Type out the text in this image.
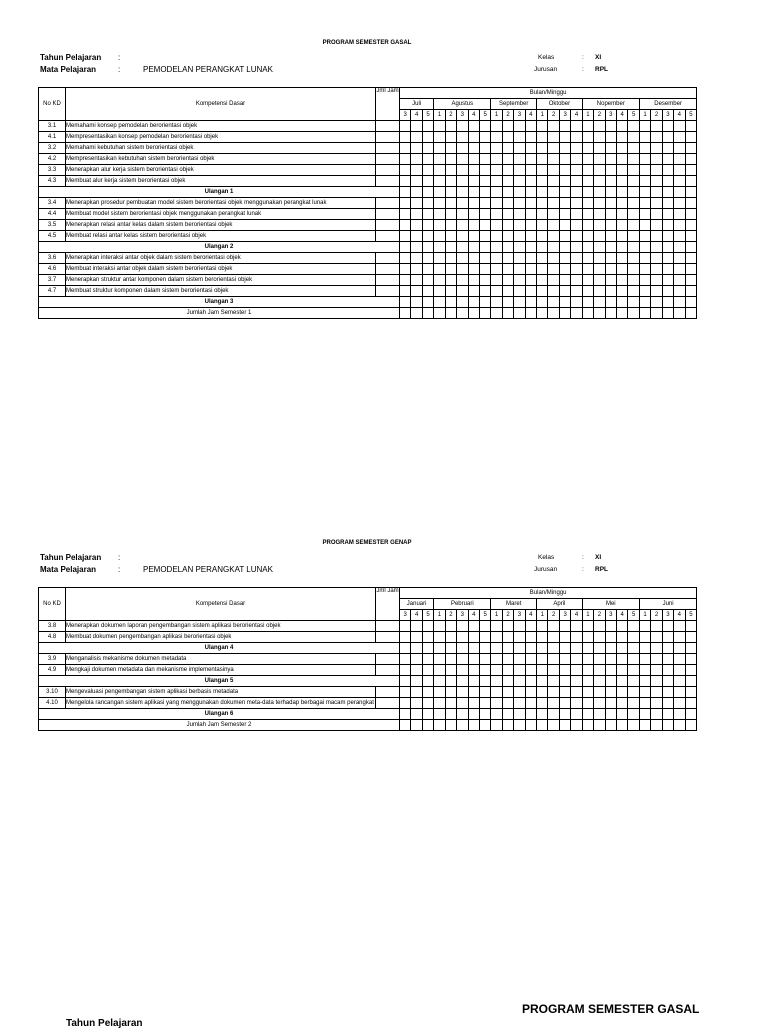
PROGRAM SEMESTER GASAL
Tahun Pelajaran :
Mata Pelajaran	:	PEMODELAN PERANGKAT LUNAK
Kelas	: XI
Jurusan	: RPL
No KD	Kompetensi Dasar	Jml Jam	Bulan/Minggu																									
			Juli			Agustus					September				Oktober				Nopember					Desember				
			3	4	5	1	2	3	4	5	1	2	3	4	1	2	3	4	1	2	3	4	5	1	2	3	4	5
3.1	Memahami konsep pemodelan berorientasi objek																											
4.1	Mempresentasikan konsep pemodelan berorientasi objek																											
3.2	Memahami kebutuhan sistem berorientasi objek																											
4.2	Mempresentasikan kebutuhan sistem berorientasi objek																											
3.3	Menerapkan alur kerja sistem berorientasi objek																											
4.3	Membuat alur kerja sistem berorientasi objek																											
Ulangan 1																												
3.4	Menerapkan prosedur pembuatan model sistem berorientasi objek menggunakan perangkat lunak																											
4.4	Membuat model sistem berorientasi objek menggunakan perangkat lunak																											
3.5	Menerapkan relasi antar kelas dalam sistem berorientasi objek																											
4.5	Membuat relasi antar kelas sistem berorientasi objek																											
Ulangan 2																												
3.6	Menerapkan interaksi antar objek dalam sistem berorientasi objek																											
4.6	Membuat interaksi antar objek dalam sistem berorientasi objek																											
3.7	Menerapkan struktur antar komponen dalam sistem berorientasi objek																											
4.7	Membuat struktur komponen dalam sistem berorientasi objek																											
Ulangan 3																												
Jumlah Jam Semester 1																												
PROGRAM SEMESTER GENAP
Tahun Pelajaran :
Mata Pelajaran	:	PEMODELAN PERANGKAT LUNAK
Kelas	: XI
Jurusan	: RPL
No KD	Kompetensi Dasar	Jml Jam	Bulan/Minggu																									
			Januari			Pebruari					Maret				April				Mei					Juni				
			3	4	5	1	2	3	4	5	1	2	3	4	1	2	3	4	1	2	3	4	5	1	2	3	4	5
3.8	Menerapkan dokumen laporan pengembangan sistem aplikasi berorientasi objek																											
4.8	Membuat dokumen pengembangan aplikasi berorientasi objek																											
Ulangan 4																												
3.9	Menganalisis mekanisme dokumen metadata																											
4.9	Mengkaji dokumen metadata dan mekanisme implementasinya																											
Ulangan 5																												
3.10	Mengevaluasi pengembangan sistem aplikasi berbasis metadata																											
4.10	Mengelola rancangan sistem aplikasi yang menggunakan dokumen meta-data terhadap berbagai macam perangkat																											
Ulangan 6																												
Jumlah Jam Semester 2																												
PROGRAM SEMESTER GASAL
Tahun Pelajaran
